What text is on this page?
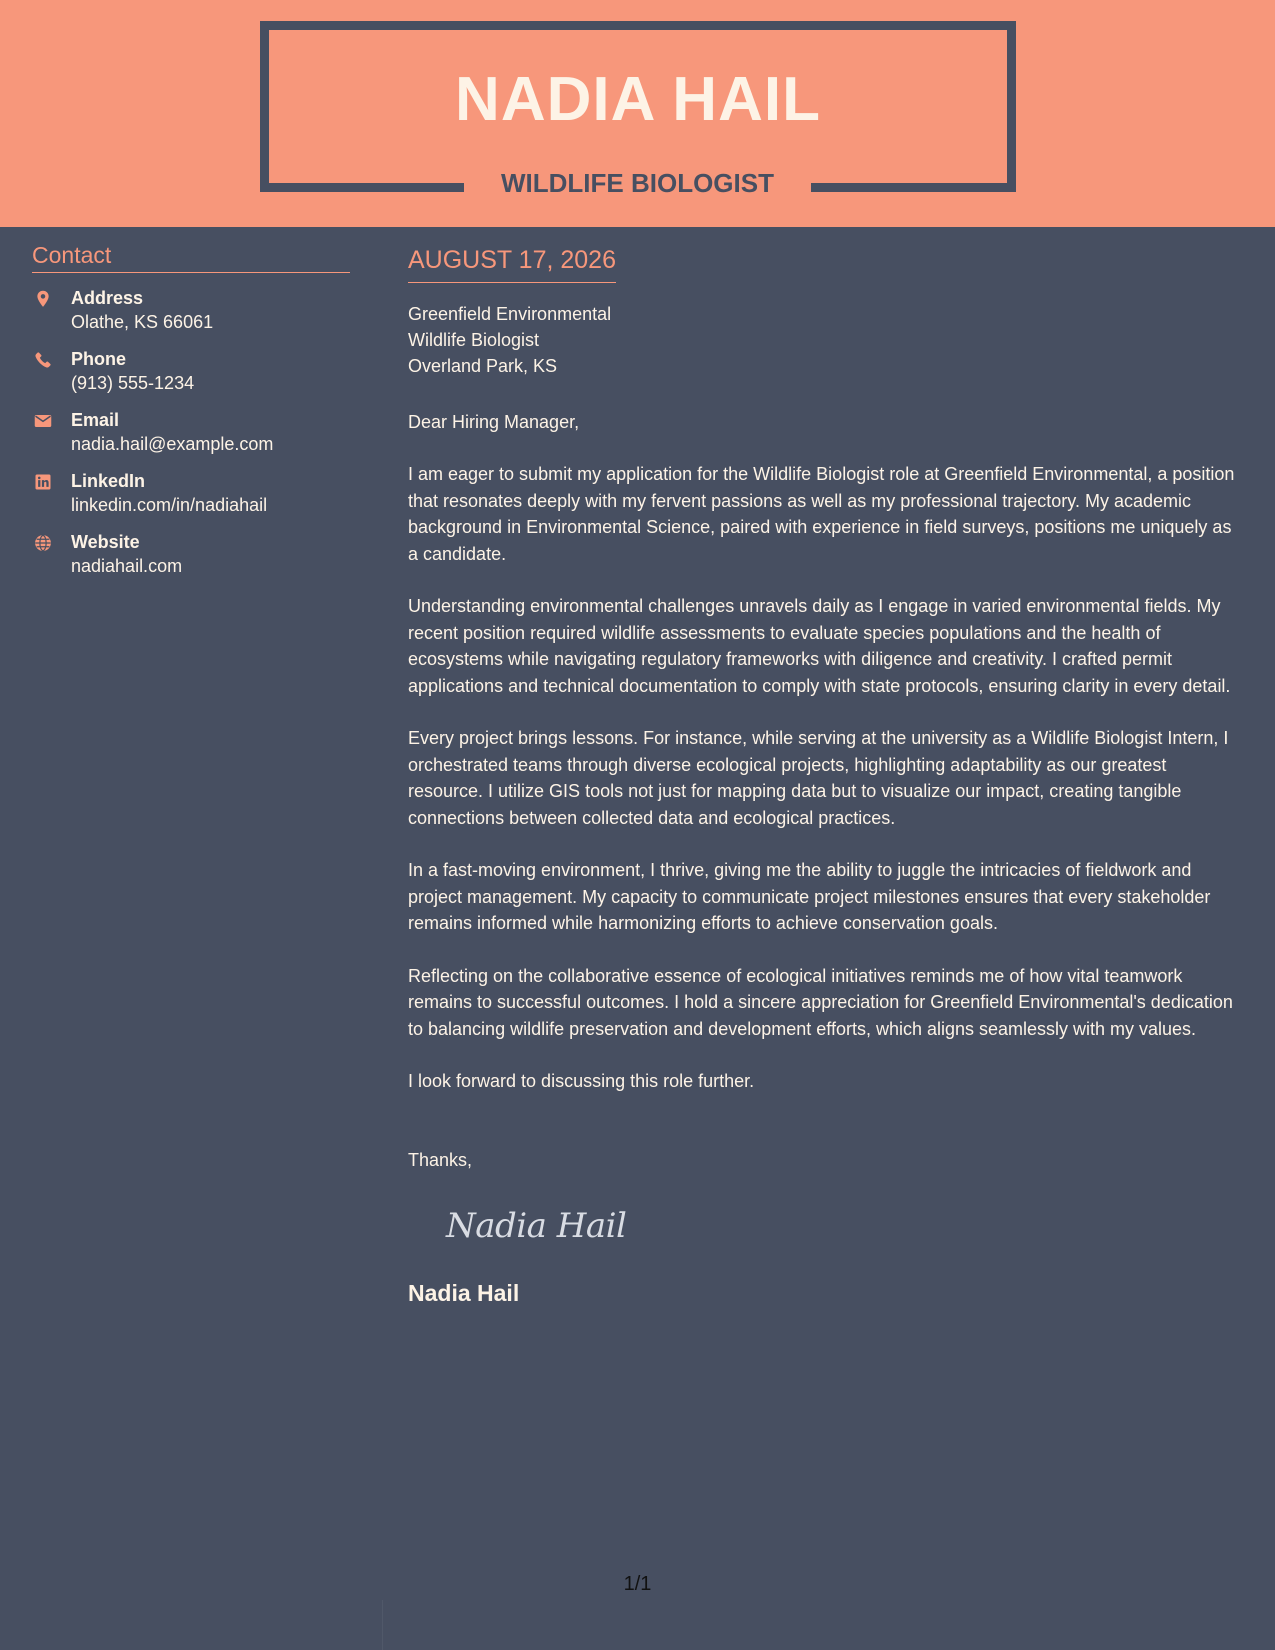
NADIA HAIL
WILDLIFE BIOLOGIST
Contact
Address
Olathe, KS 66061
Phone
(913) 555-1234
Email
nadia.hail@example.com
LinkedIn
linkedin.com/in/nadiahail
Website
nadiahail.com
AUGUST 17, 2026
Greenfield Environmental
Wildlife Biologist
Overland Park, KS
Dear Hiring Manager,
I am eager to submit my application for the Wildlife Biologist role at Greenfield Environmental, a position that resonates deeply with my fervent passions as well as my professional trajectory. My academic background in Environmental Science, paired with experience in field surveys, positions me uniquely as a candidate.
Understanding environmental challenges unravels daily as I engage in varied environmental fields. My recent position required wildlife assessments to evaluate species populations and the health of ecosystems while navigating regulatory frameworks with diligence and creativity. I crafted permit applications and technical documentation to comply with state protocols, ensuring clarity in every detail.
Every project brings lessons. For instance, while serving at the university as a Wildlife Biologist Intern, I orchestrated teams through diverse ecological projects, highlighting adaptability as our greatest resource. I utilize GIS tools not just for mapping data but to visualize our impact, creating tangible connections between collected data and ecological practices.
In a fast-moving environment, I thrive, giving me the ability to juggle the intricacies of fieldwork and project management. My capacity to communicate project milestones ensures that every stakeholder remains informed while harmonizing efforts to achieve conservation goals.
Reflecting on the collaborative essence of ecological initiatives reminds me of how vital teamwork remains to successful outcomes. I hold a sincere appreciation for Greenfield Environmental's dedication to balancing wildlife preservation and development efforts, which aligns seamlessly with my values.
I look forward to discussing this role further.
Thanks,
Nadia Hail
Nadia Hail
1/1
